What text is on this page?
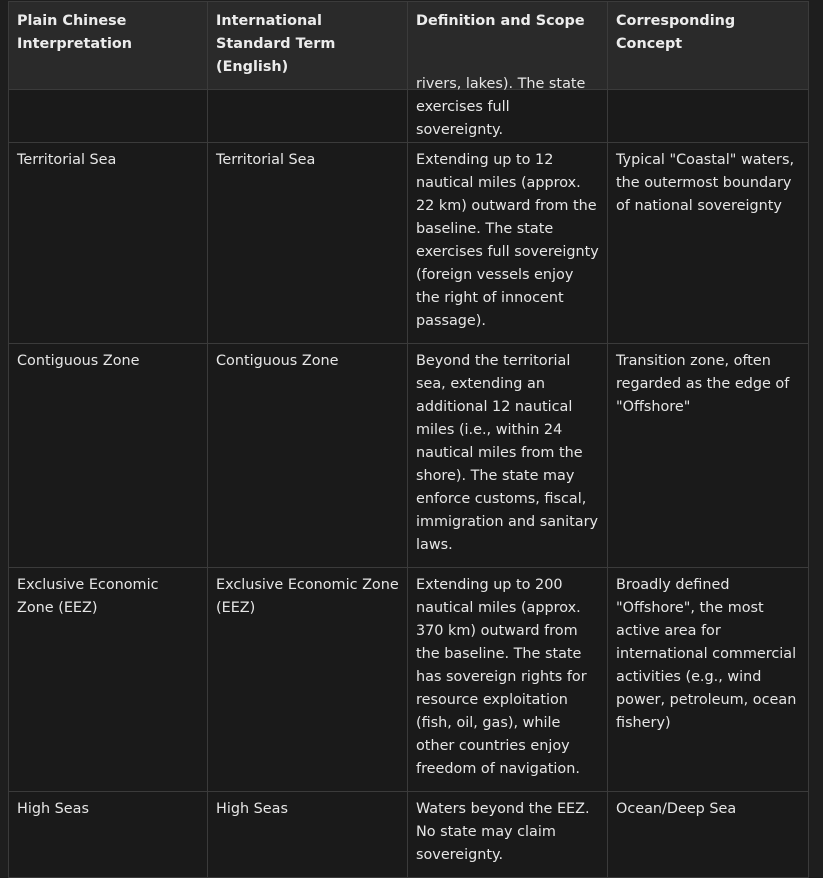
Plain Chinese Interpretation	International Standard Term (English)	Definition and Scope	Corresponding Concept

		rivers, lakes). The state exercises full sovereignty.	

Territorial Sea	Territorial Sea	Extending up to 12 nautical miles (approx. 22 km) outward from the baseline. The state exercises full sovereignty (foreign vessels enjoy the right of innocent passage).	Typical "Coastal" waters, the outermost boundary of national sovereignty
Contiguous Zone	Contiguous Zone	Beyond the territorial sea, extending an additional 12 nautical miles (i.e., within 24 nautical miles from the shore). The state may enforce customs, fiscal, immigration and sanitary laws.	Transition zone, often regarded as the edge of "Offshore"
Exclusive Economic Zone (EEZ)	Exclusive Economic Zone (EEZ)	Extending up to 200 nautical miles (approx. 370 km) outward from the baseline. The state has sovereign rights for resource exploitation (fish, oil, gas), while other countries enjoy freedom of navigation.	Broadly defined "Offshore", the most active area for international commercial activities (e.g., wind power, petroleum, ocean fishery)
High Seas	High Seas	Waters beyond the EEZ. No state may claim sovereignty.	Ocean/Deep Sea
